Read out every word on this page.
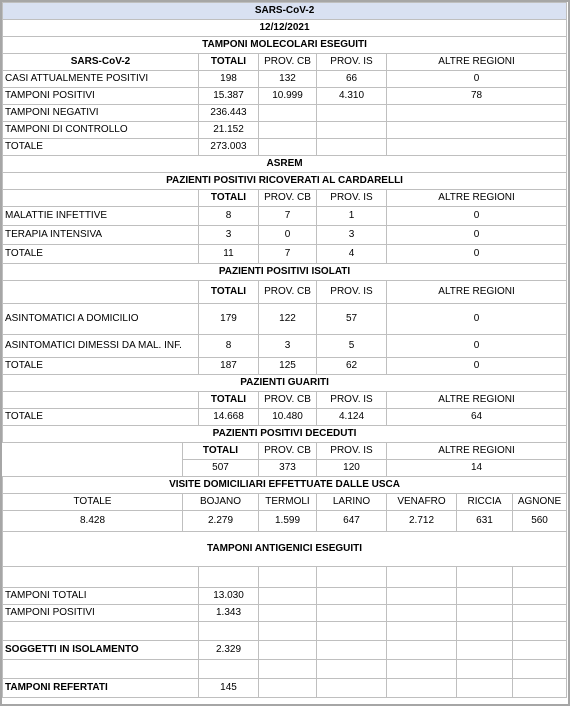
SARS-CoV-2							
12/12/2021							
TAMPONI MOLECOLARI ESEGUITI							
SARS-CoV-2		TOTALI	PROV. CB	PROV. IS	ALTRE REGIONI		
CASI ATTUALMENTE POSITIVI		198	132	66	0		
TAMPONI POSITIVI		15.387	10.999	4.310	78		
TAMPONI NEGATIVI		236.443					
TAMPONI DI CONTROLLO		21.152					
TOTALE		273.003					
ASREM							
PAZIENTI POSITIVI RICOVERATI AL CARDARELLI							
		TOTALI	PROV. CB	PROV. IS	ALTRE REGIONI		
MALATTIE INFETTIVE		8	7	1	0		
TERAPIA INTENSIVA		3	0	3	0		
TOTALE		11	7	4	0		
PAZIENTI POSITIVI ISOLATI							
		TOTALI	PROV. CB	PROV. IS	ALTRE REGIONI		
ASINTOMATICI A DOMICILIO		179	122	57	0		
ASINTOMATICI DIMESSI DA MAL. INF.		8	3	5	0		
TOTALE		187	125	62	0		
PAZIENTI GUARITI							
		TOTALI	PROV. CB	PROV. IS	ALTRE REGIONI		
TOTALE		14.668	10.480	4.124	64		
PAZIENTI POSITIVI DECEDUTI							
	TOTALI		PROV. CB	PROV. IS	ALTRE REGIONI		
	507		373	120	14		
VISITE DOMICILIARI EFFETTUATE DALLE USCA							
TOTALE	BOJANO		TERMOLI	LARINO	VENAFRO	RICCIA	AGNONE
8.428	2.279		1.599	647	2.712	631	560
TAMPONI ANTIGENICI ESEGUITI							

TAMPONI TOTALI		13.030					
TAMPONI POSITIVI		1.343					

SOGGETTI IN ISOLAMENTO		2.329					

TAMPONI REFERTATI		145					
